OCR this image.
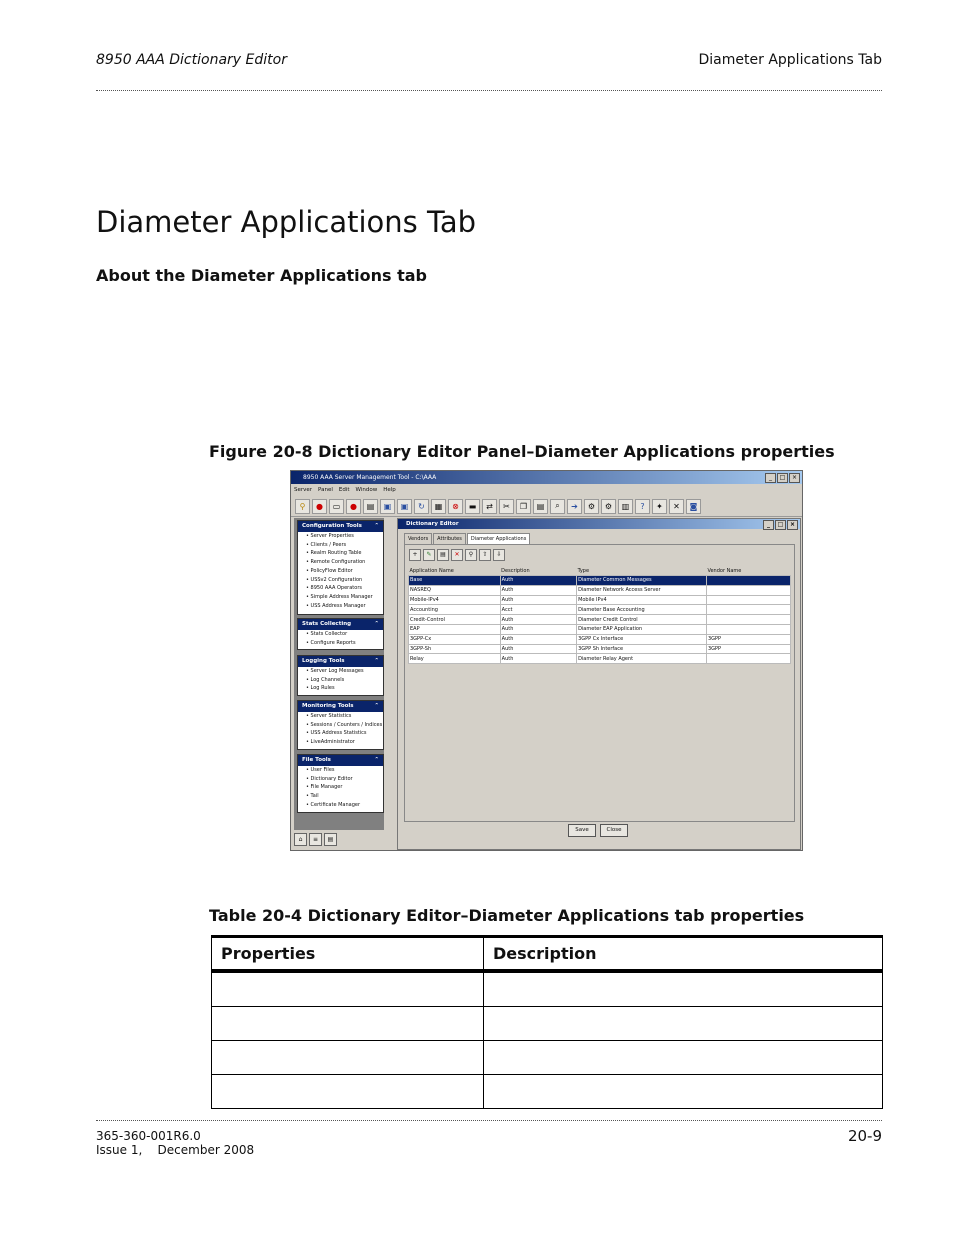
8950 AAA Dictionary Editor	Diameter Applications Tab
Diameter Applications Tab
About the Diameter Applications tab
Figure 20-8 Dictionary Editor Panel–Diameter Applications properties
8950 AAA Server Management Tool - C:\AAA	_	□	×
Server Panel Edit Window Help
⚲	●	▭	●	▤	▣	▣	↻	▦	⊗	▬	⇄	✂	❐	▤	⌕	➔	⚙	⚙	▥	?	✦	✕	◙
Configuration Tools ⌃
• Server Properties
• Clients / Peers
• Realm Routing Table
• Remote Configuration
• PolicyFlow Editor
• USSv2 Configuration
• 8950 AAA Operators
• Simple Address Manager
• USS Address Manager
Stats Collecting	⌃
• Stats Collector
• Configure Reports
Logging Tools	⌃
• Server Log Messages
• Log Channels
• Log Rules
Monitoring Tools	⌃
• Server Statistics
• Sessions / Counters / Indices
• USS Address Statistics
• LiveAdministrator
File Tools	⌃
• User Files
• Dictionary Editor
• File Manager
• Tail
• Certificate Manager
⌂	≡	▤
Dictionary Editor	_	□	×
Vendors	Attributes	Diameter Applications
+	✎	▤	✕	⚲	⇧	⇩
Application Name	Description	Type	Vendor Name
Base	Auth	Diameter Common Messages	
NASREQ	Auth	Diameter Network Access Server	
Mobile-IPv4	Auth	Mobile IPv4	
Accounting	Acct	Diameter Base Accounting	
Credit-Control	Auth	Diameter Credit Control	
EAP	Auth	Diameter EAP Application	
3GPP-Cx	Auth	3GPP Cx Interface	3GPP
3GPP-Sh	Auth	3GPP Sh Interface	3GPP
Relay	Auth	Diameter Relay Agent	
Save	Close
Table 20-4 Dictionary Editor–Diameter Applications tab properties
Properties	Description

365-360-001R6.0
Issue 1,    December 2008
20-9
